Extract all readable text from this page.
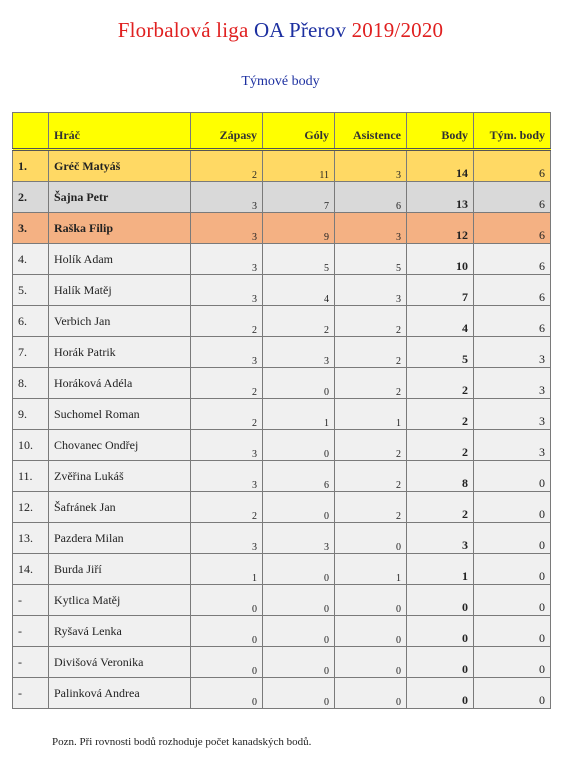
Florbalová liga OA Přerov 2019/2020
Týmové body
	Hráč	Zápasy	Góly	Asistence	Body	Tým. body
1.	Gréč Matyáš	2	11	3	14	6
2.	Šajna Petr	3	7	6	13	6
3.	Raška Filip	3	9	3	12	6
4.	Holík Adam	3	5	5	10	6
5.	Halík Matěj	3	4	3	7	6
6.	Verbich Jan	2	2	2	4	6
7.	Horák Patrik	3	3	2	5	3
8.	Horáková Adéla	2	0	2	2	3
9.	Suchomel Roman	2	1	1	2	3
10.	Chovanec Ondřej	3	0	2	2	3
11.	Zvěřina Lukáš	3	6	2	8	0
12.	Šafránek Jan	2	0	2	2	0
13.	Pazdera Milan	3	3	0	3	0
14.	Burda Jiří	1	0	1	1	0
-	Kytlica Matěj	0	0	0	0	0
-	Ryšavá Lenka	0	0	0	0	0
-	Divišová Veronika	0	0	0	0	0
-	Palinková Andrea	0	0	0	0	0
Pozn. Při rovnosti bodů rozhoduje počet kanadských bodů.
